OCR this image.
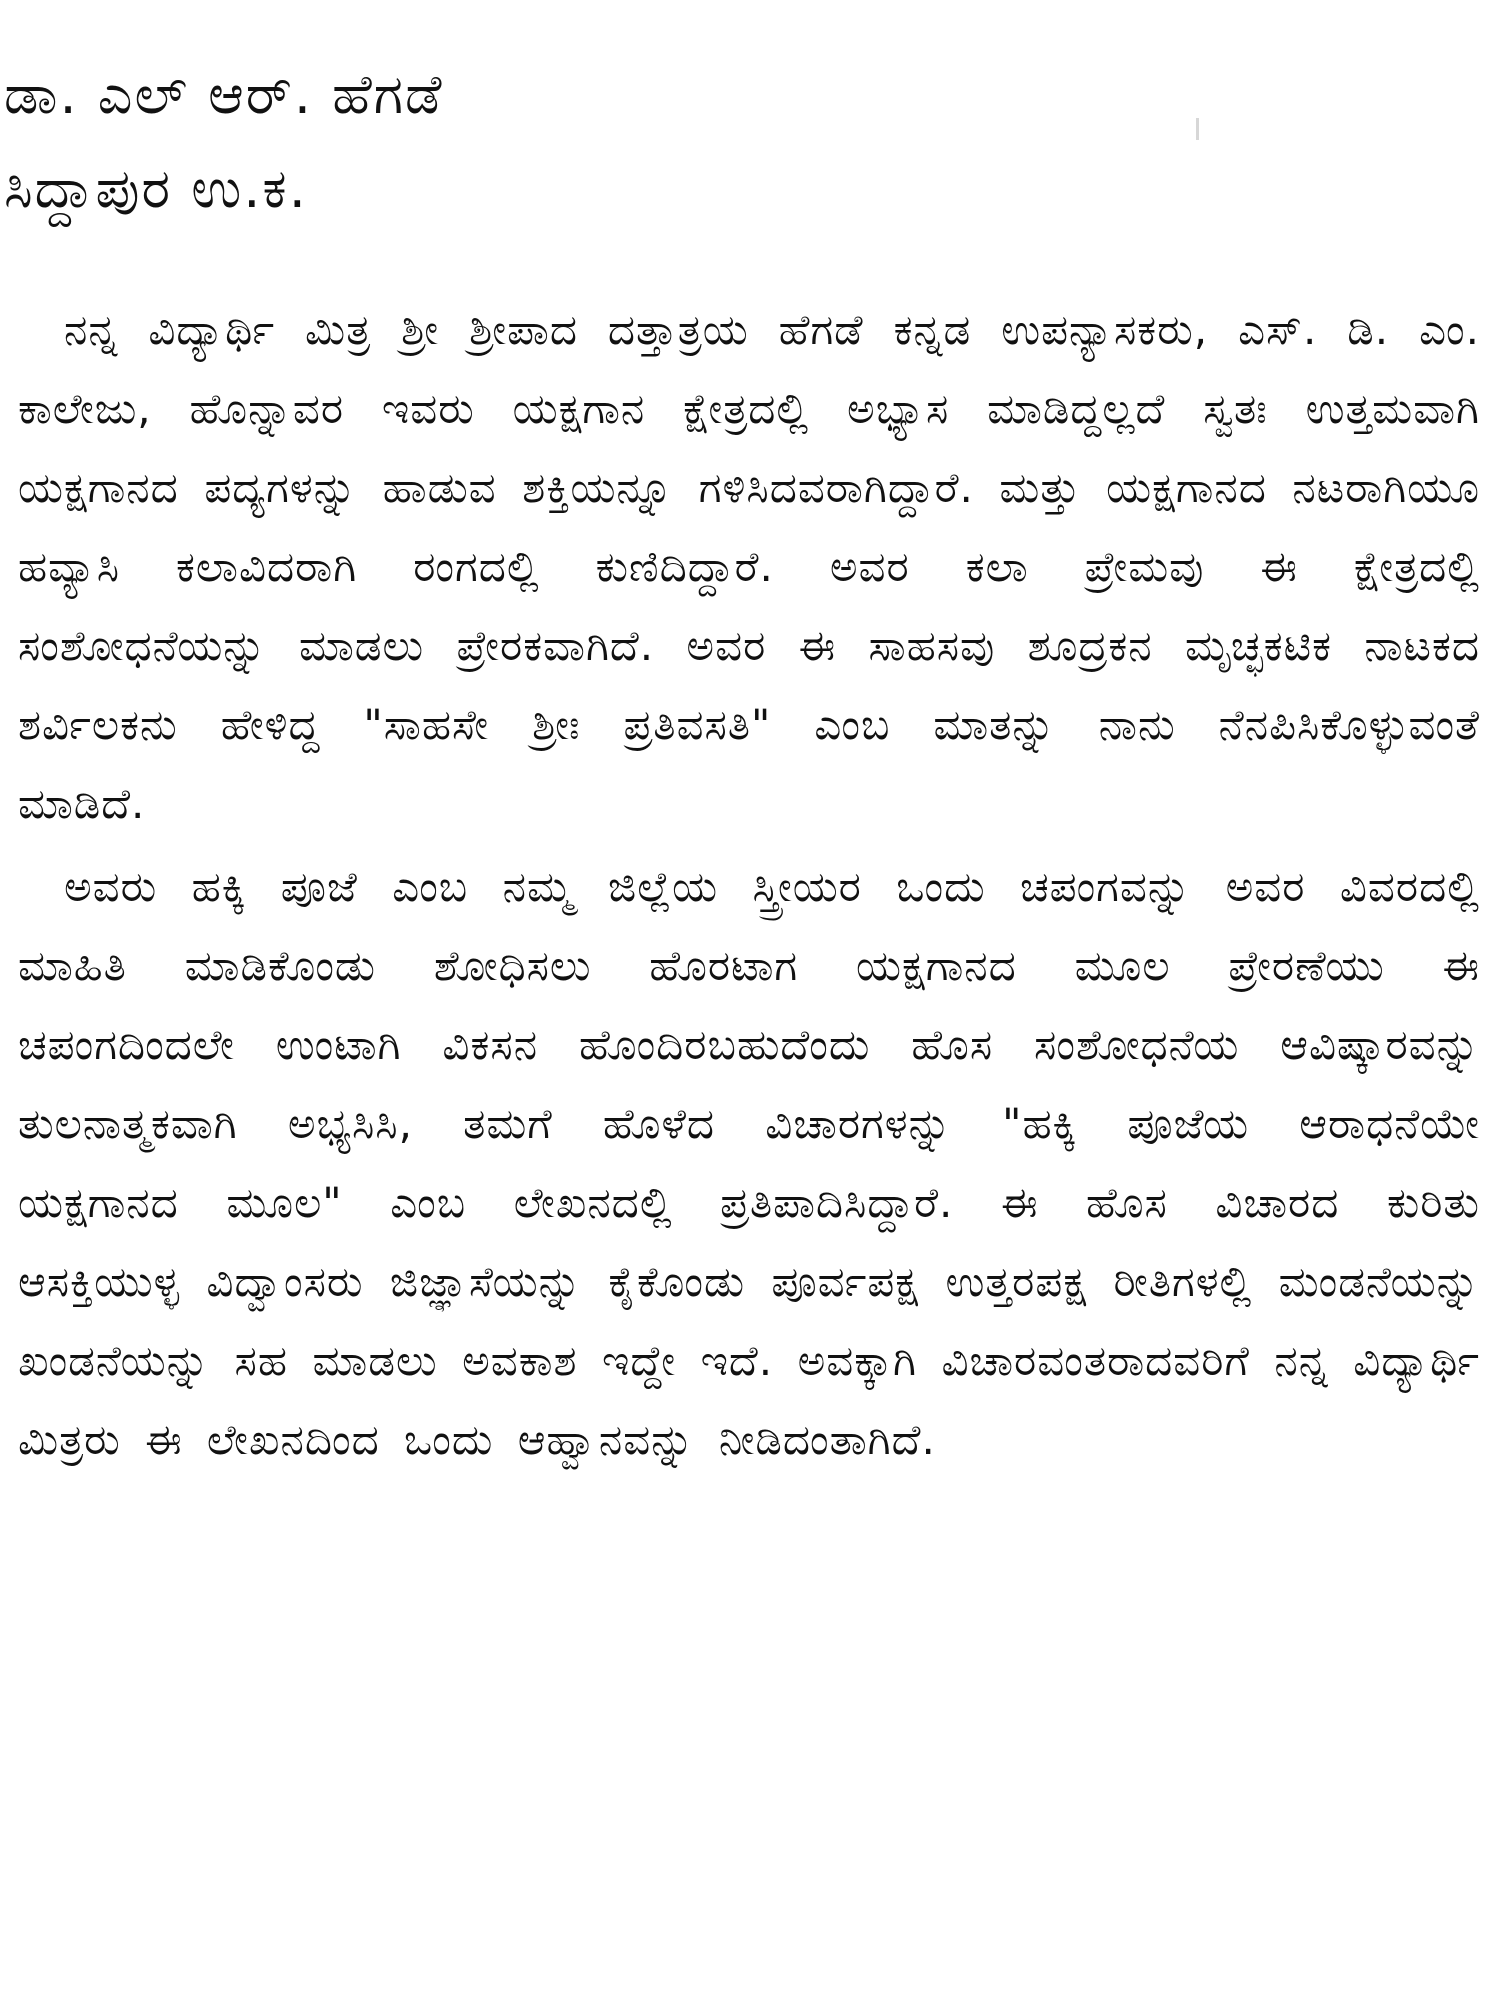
ಡಾ. ಎಲ್ ಆರ್. ಹೆಗಡೆ
ಸಿದ್ದಾಪುರ ಉ.ಕ.

ನನ್ನ ವಿದ್ಯಾರ್ಥಿ ಮಿತ್ರ ಶ್ರೀ ಶ್ರೀಪಾದ ದತ್ತಾತ್ರಯ ಹೆಗಡೆ ಕನ್ನಡ ಉಪನ್ಯಾಸಕರು, ಎಸ್. ಡಿ. ಎಂ. ಕಾಲೇಜು, ಹೊನ್ನಾವರ ಇವರು ಯಕ್ಷಗಾನ ಕ್ಷೇತ್ರದಲ್ಲಿ ಅಭ್ಯಾಸ ಮಾಡಿದ್ದಲ್ಲದೆ ಸ್ವತಃ ಉತ್ತಮವಾಗಿ ಯಕ್ಷಗಾನದ ಪದ್ಯಗಳನ್ನು ಹಾಡುವ ಶಕ್ತಿಯನ್ನೂ ಗಳಿಸಿದವರಾಗಿದ್ದಾರೆ. ಮತ್ತು ಯಕ್ಷಗಾನದ ನಟರಾಗಿಯೂ ಹವ್ಯಾಸಿ ಕಲಾವಿದರಾಗಿ ರಂಗದಲ್ಲಿ ಕುಣಿದಿದ್ದಾರೆ. ಅವರ ಕಲಾ ಪ್ರೇಮವು ಈ ಕ್ಷೇತ್ರದಲ್ಲಿ ಸಂಶೋಧನೆಯನ್ನು ಮಾಡಲು ಪ್ರೇರಕವಾಗಿದೆ. ಅವರ ಈ ಸಾಹಸವು ಶೂದ್ರಕನ ಮೃಚ್ಛಕಟಿಕ ನಾಟಕದ ಶರ್ವಿಲಕನು ಹೇಳಿದ್ದ "ಸಾಹಸೇ ಶ್ರೀಃ ಪ್ರತಿವಸತಿ" ಎಂಬ ಮಾತನ್ನು ನಾನು ನೆನಪಿಸಿಕೊಳ್ಳುವಂತೆ ಮಾಡಿದೆ.

ಅವರು ಹಕ್ಕಿ ಪೂಜೆ ಎಂಬ ನಮ್ಮ ಜಿಲ್ಲೆಯ ಸ್ತ್ರೀಯರ ಒಂದು ಚಪಂಗವನ್ನು ಅವರ ವಿವರದಲ್ಲಿ ಮಾಹಿತಿ ಮಾಡಿಕೊಂಡು ಶೋಧಿಸಲು ಹೊರಟಾಗ ಯಕ್ಷಗಾನದ ಮೂಲ ಪ್ರೇರಣೆಯು ಈ ಚಪಂಗದಿಂದಲೇ ಉಂಟಾಗಿ ವಿಕಸನ ಹೊಂದಿರಬಹುದೆಂದು ಹೊಸ ಸಂಶೋಧನೆಯ ಆವಿಷ್ಕಾರವನ್ನು ತುಲನಾತ್ಮಕವಾಗಿ ಅಭ್ಯಸಿಸಿ, ತಮಗೆ ಹೊಳೆದ ವಿಚಾರಗಳನ್ನು "ಹಕ್ಕಿ ಪೂಜೆಯ ಆರಾಧನೆಯೇ ಯಕ್ಷಗಾನದ ಮೂಲ" ಎಂಬ ಲೇಖನದಲ್ಲಿ ಪ್ರತಿಪಾದಿಸಿದ್ದಾರೆ. ಈ ಹೊಸ ವಿಚಾರದ ಕುರಿತು ಆಸಕ್ತಿಯುಳ್ಳ ವಿದ್ವಾಂಸರು ಜಿಜ್ಞಾಸೆಯನ್ನು ಕೈಕೊಂಡು ಪೂರ್ವಪಕ್ಷ ಉತ್ತರಪಕ್ಷ ರೀತಿಗಳಲ್ಲಿ ಮಂಡನೆಯನ್ನು ಖಂಡನೆಯನ್ನು ಸಹ ಮಾಡಲು ಅವಕಾಶ ಇದ್ದೇ ಇದೆ. ಅವಕ್ಕಾಗಿ ವಿಚಾರವಂತರಾದವರಿಗೆ ನನ್ನ ವಿದ್ಯಾರ್ಥಿ ಮಿತ್ರರು ಈ ಲೇಖನದಿಂದ ಒಂದು ಆಹ್ವಾನವನ್ನು ನೀಡಿದಂತಾಗಿದೆ.
